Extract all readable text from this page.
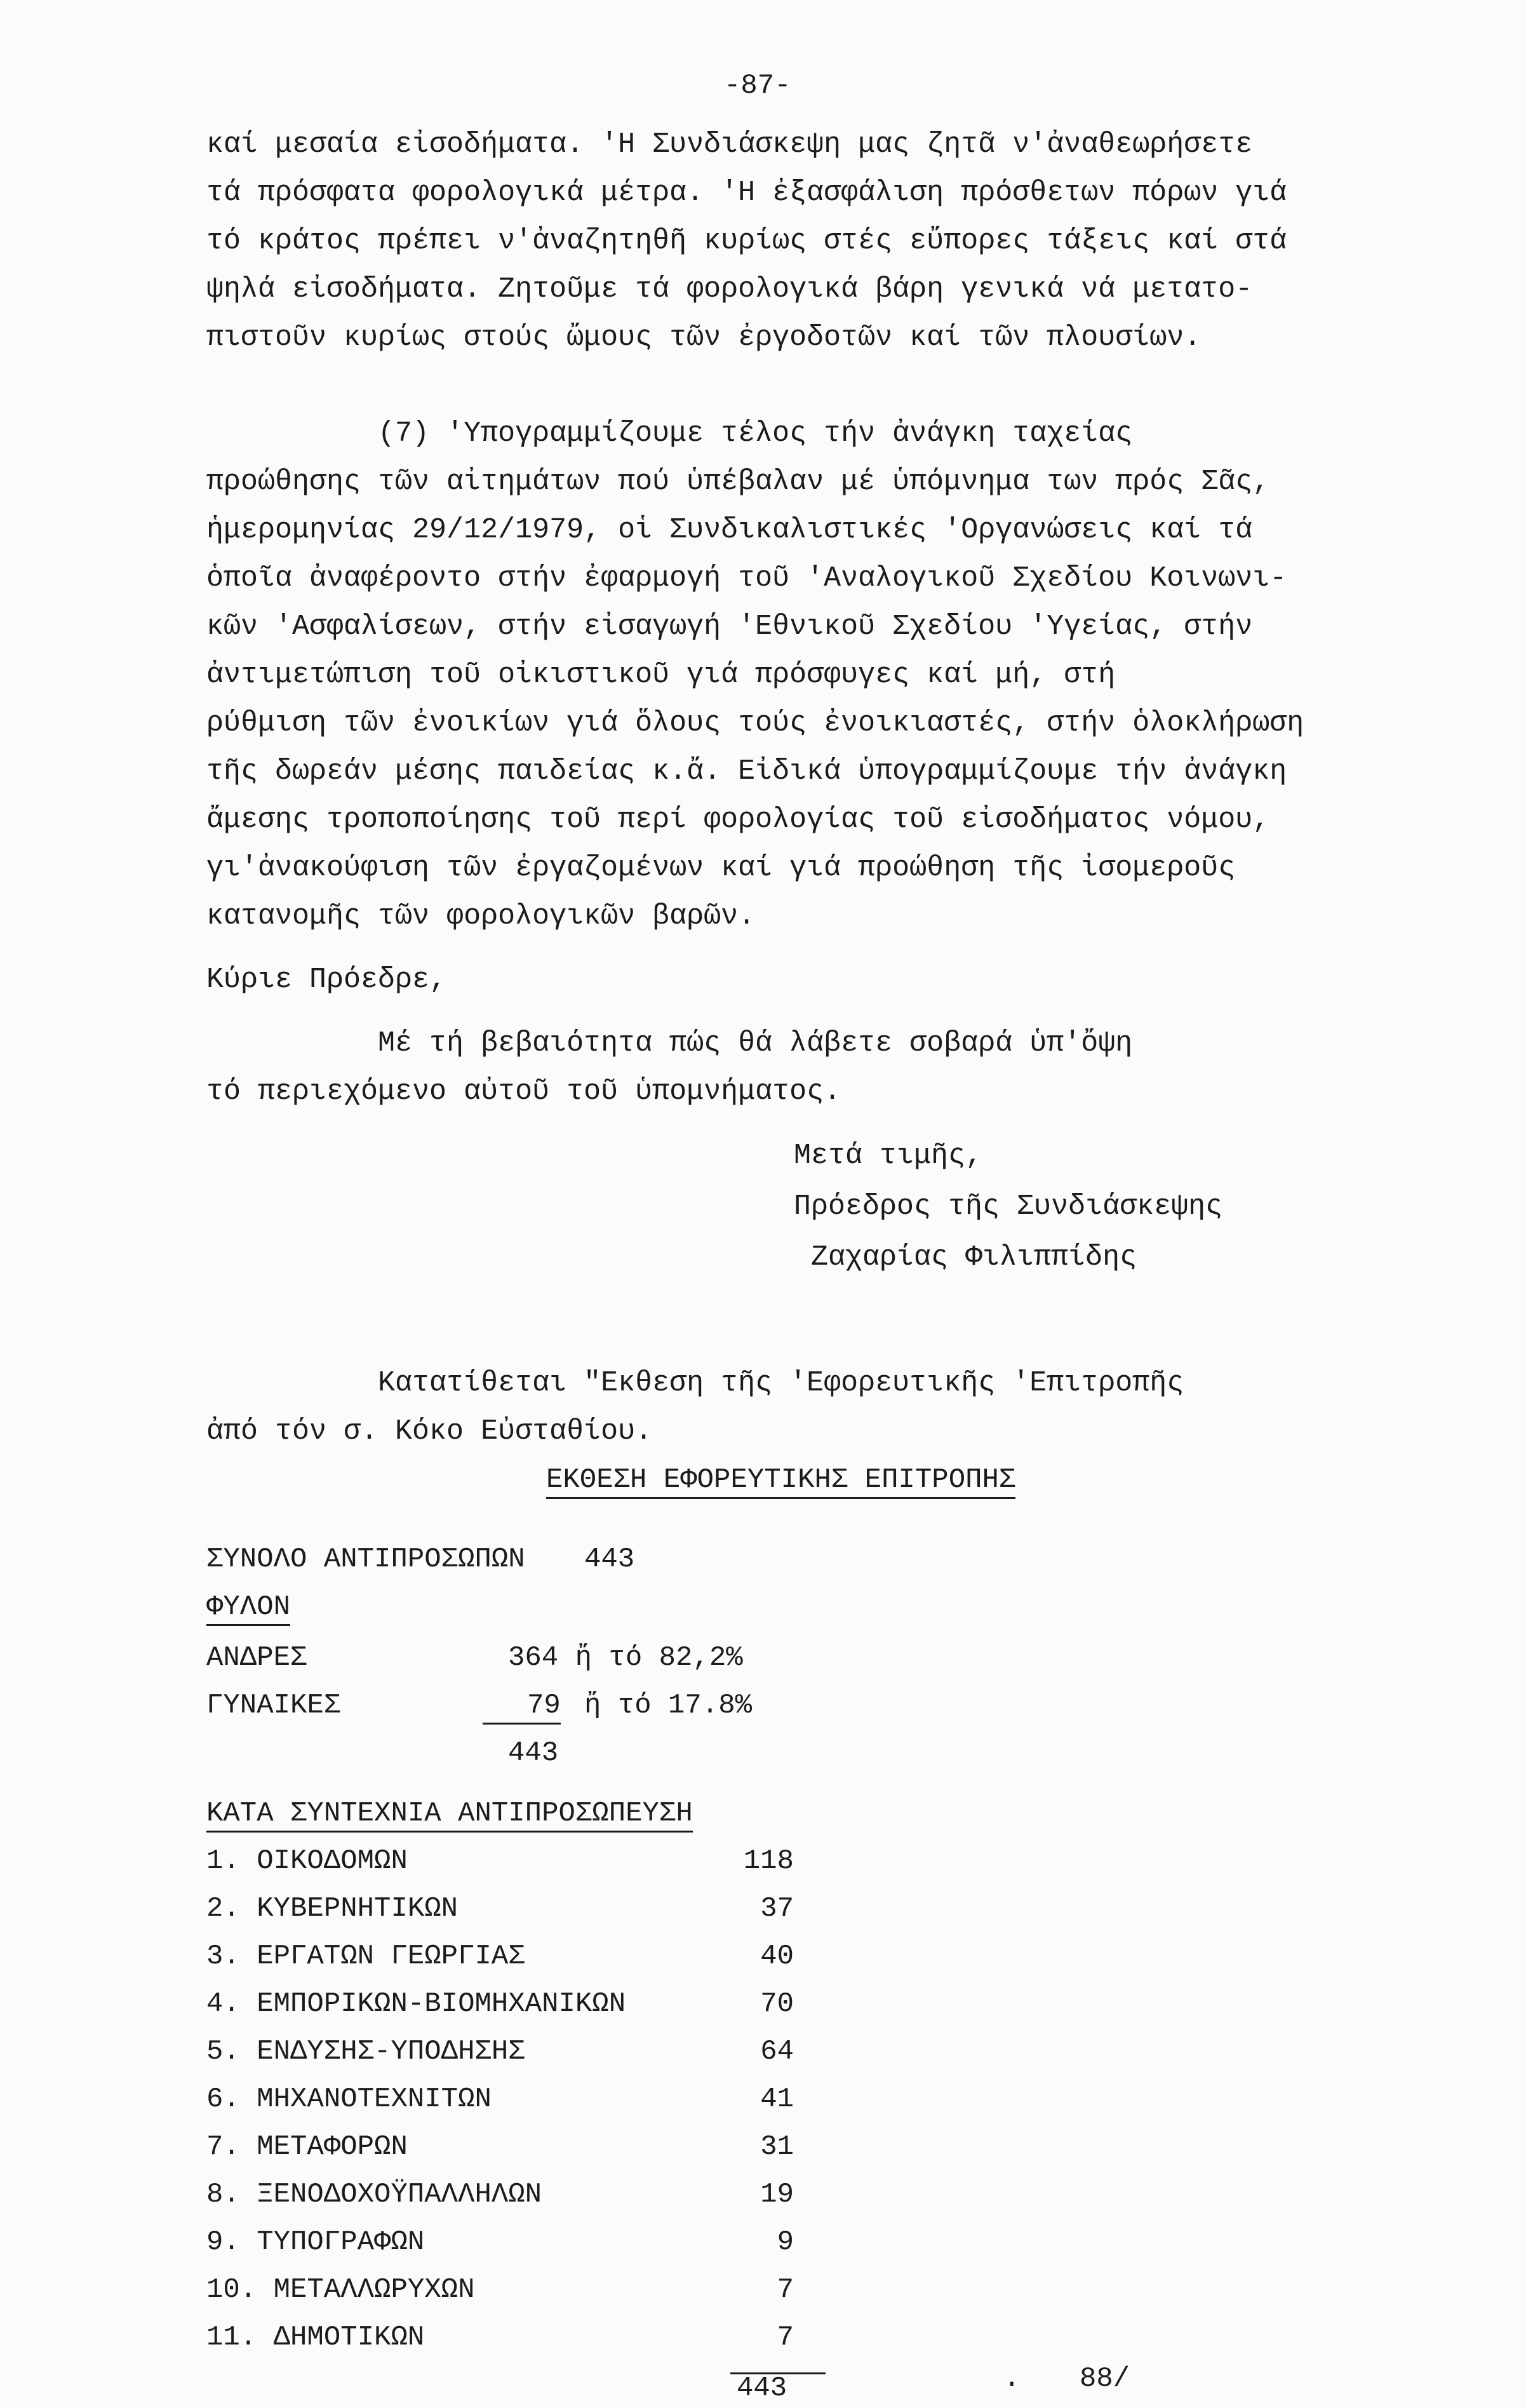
-87-
καί μεσαία εἰσοδήματα. 'Η Συνδιάσκεψη μας ζητᾶ ν'ἀναθεωρήσετε
τά πρόσφατα φορολογικά μέτρα. 'Η ἐξασφάλιση πρόσθετων πόρων γιά
τό κράτος πρέπει ν'ἀναζητηθῆ κυρίως στές εὔπορες τάξεις καί στά
ψηλά εἰσοδήματα. Ζητοῦμε τά φορολογικά βάρη γενικά νά μετατο-
πιστοῦν κυρίως στούς ὤμους τῶν ἐργοδοτῶν καί τῶν πλουσίων.
(7) 'Υπογραμμίζουμε τέλος τήν ἀνάγκη ταχείας
προώθησης τῶν αἰτημάτων πού ὑπέβαλαν μέ ὑπόμνημα των πρός Σᾶς,
ἡμερομηνίας 29/12/1979, οἱ Συνδικαλιστικές 'Οργανώσεις καί τά
ὁποῖα ἀναφέροντο στήν ἐφαρμογή τοῦ 'Αναλογικοῦ Σχεδίου Κοινωνι-
κῶν 'Ασφαλίσεων, στήν εἰσαγωγή 'Εθνικοῦ Σχεδίου 'Υγείας, στήν
ἀντιμετώπιση τοῦ οἰκιστικοῦ γιά πρόσφυγες καί μή, στή
ρύθμιση τῶν ἐνοικίων γιά ὅλους τούς ἐνοικιαστές, στήν ὁλοκλήρωση
τῆς δωρεάν μέσης παιδείας κ.ἄ. Εἰδικά ὑπογραμμίζουμε τήν ἀνάγκη
ἄμεσης τροποποίησης τοῦ περί φορολογίας τοῦ εἰσοδήματος νόμου,
γι'ἀνακούφιση τῶν ἐργαζομένων καί γιά προώθηση τῆς ἰσομεροῦς
κατανομῆς τῶν φορολογικῶν βαρῶν.
Κύριε Πρόεδρε,
Μέ τή βεβαιότητα πώς θά λάβετε σοβαρά ὑπ'ὄψη
τό περιεχόμενο αὐτοῦ τοῦ ὑπομνήματος.
Μετά τιμῆς,
Πρόεδρος τῆς Συνδιάσκεψης
Ζαχαρίας Φιλιππίδης
Κατατίθεται "Εκθεση τῆς 'Εφορευτικῆς 'Επιτροπῆς
ἀπό τόν σ. Κόκο Εὐσταθίου.
ΕΚΘΕΣΗ ΕΦΟΡΕΥΤΙΚΗΣ ΕΠΙΤΡΟΠΗΣ
ΣΥΝΟΛΟ ΑΝΤΙΠΡΟΣΩΠΩΝ 443
ΦΥΛΟΝ
ΑΝΔΡΕΣ	364 ἤ τό 82,2%
ΓΥΝΑΙΚΕΣ	79 ἤ τό 17.8%
443
ΚΑΤΑ ΣΥΝΤΕΧΝΙΑ ΑΝΤΙΠΡΟΣΩΠΕΥΣΗ
1. ΟΙΚΟΔΟΜΩΝ	118
2. ΚΥΒΕΡΝΗΤΙΚΩΝ	37
3. ΕΡΓΑΤΩΝ ΓΕΩΡΓΙΑΣ	40
4. ΕΜΠΟΡΙΚΩΝ-ΒΙΟΜΗΧΑΝΙΚΩΝ	70
5. ΕΝΔΥΣΗΣ-ΥΠΟΔΗΣΗΣ	64
6. ΜΗΧΑΝΟΤΕΧΝΙΤΩΝ	41
7. ΜΕΤΑΦΟΡΩΝ	31
8. ΞΕΝΟΔΟΧΟΫΠΑΛΛΗΛΩΝ	19
9. ΤΥΠΟΓΡΑΦΩΝ	9
10. ΜΕΤΑΛΛΩΡΥΧΩΝ	7
11. ΔΗΜΟΤΙΚΩΝ	7
443	. 88/
